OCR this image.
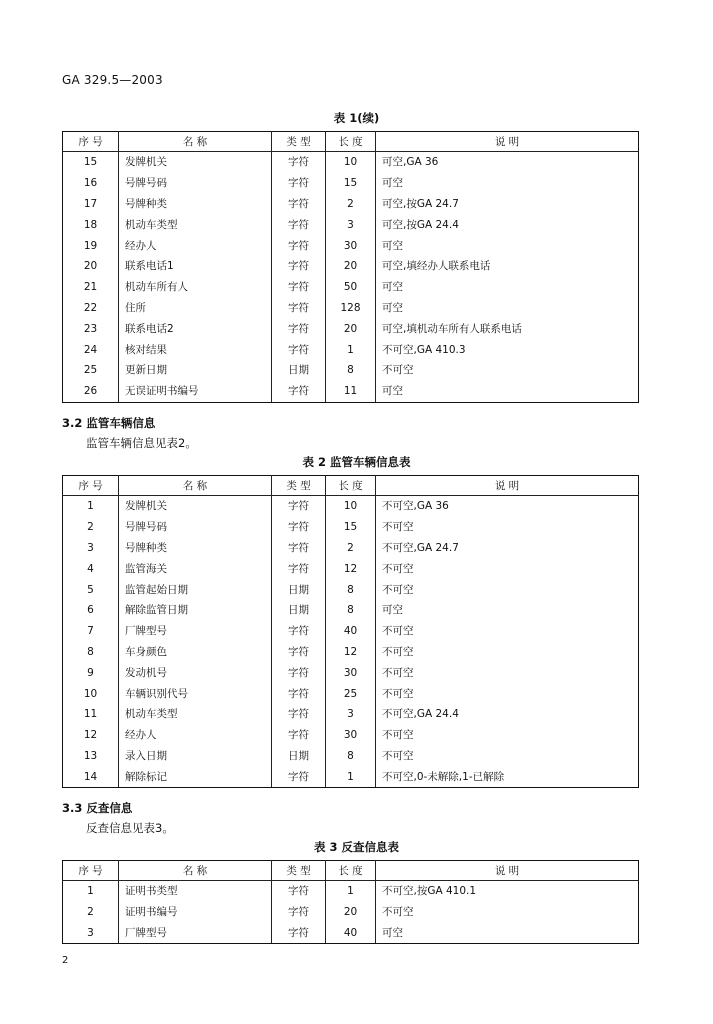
GA 329.5—2003
表 1(续)
序 号	名 称	类 型	长 度	说 明
15	发牌机关	字符	10	可空,GA 36
16	号牌号码	字符	15	可空
17	号牌种类	字符	2	可空,按GA 24.7
18	机动车类型	字符	3	可空,按GA 24.4
19	经办人	字符	30	可空
20	联系电话1	字符	20	可空,填经办人联系电话
21	机动车所有人	字符	50	可空
22	住所	字符	128	可空
23	联系电话2	字符	20	可空,填机动车所有人联系电话
24	核对结果	字符	1	不可空,GA 410.3
25	更新日期	日期	8	不可空
26	无误证明书编号	字符	11	可空
3.2 监管车辆信息
监管车辆信息见表2。
表 2 监管车辆信息表
序 号	名 称	类 型	长 度	说 明
1	发牌机关	字符	10	不可空,GA 36
2	号牌号码	字符	15	不可空
3	号牌种类	字符	2	不可空,GA 24.7
4	监管海关	字符	12	不可空
5	监管起始日期	日期	8	不可空
6	解除监管日期	日期	8	可空
7	厂牌型号	字符	40	不可空
8	车身颜色	字符	12	不可空
9	发动机号	字符	30	不可空
10	车辆识别代号	字符	25	不可空
11	机动车类型	字符	3	不可空,GA 24.4
12	经办人	字符	30	不可空
13	录入日期	日期	8	不可空
14	解除标记	字符	1	不可空,0-未解除,1-已解除
3.3 反查信息
反查信息见表3。
表 3 反查信息表
序 号	名 称	类 型	长 度	说 明
1	证明书类型	字符	1	不可空,按GA 410.1
2	证明书编号	字符	20	不可空
3	厂牌型号	字符	40	可空
2
